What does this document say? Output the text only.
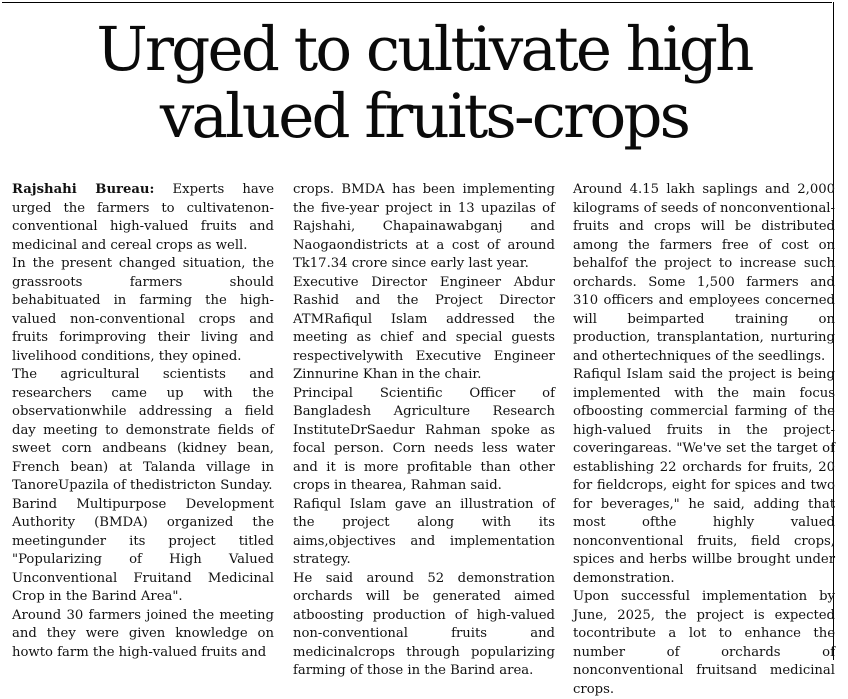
Urged to cultivate high
valued fruits-crops

Rajshahi Bureau: Experts have urged the farmers to cultivatenon-conventional high-valued fruits and medicinal and cereal crops as well.

In the present changed situation, the grassroots farmers should behabituated in farming the high-valued non-conventional crops and fruits forimproving their living and livelihood conditions, they opined.

The agricultural scientists and researchers came up with the observationwhile addressing a field day meeting to demonstrate fields of sweet corn andbeans (kidney bean, French bean) at Talanda village in TanoreUpazila of thedistricton Sunday.

Barind Multipurpose Development Authority (BMDA) organized the meetingunder its project titled "Popularizing of High Valued Unconventional Fruitand Medicinal Crop in the Barind Area".

Around 30 farmers joined the meeting and they were given knowledge on howto farm the high-valued fruits and

crops. BMDA has been implementing the five-year project in 13 upazilas of Rajshahi, Chapainawabganj and Naogaondistricts at a cost of around Tk17.34 crore since early last year.

Executive Director Engineer Abdur Rashid and the Project Director ATMRafiqul Islam addressed the meeting as chief and special guests respectivelywith Executive Engineer Zinnurine Khan in the chair.

Principal Scientific Officer of Bangladesh Agriculture Research InstituteDrSaedur Rahman spoke as focal person. Corn needs less water and it is more profitable than other crops in thearea, Rahman said.

Rafiqul Islam gave an illustration of the project along with its aims,objectives and implementation strategy.

He said around 52 demonstration orchards will be generated aimed atboosting production of high-valued non-conventional fruits and medicinalcrops through popularizing farming of those in the Barind area.

Around 4.15 lakh saplings and 2,000 kilograms of seeds of nonconventional-fruits and crops will be distributed among the farmers free of cost on behalfof the project to increase such orchards. Some 1,500 farmers and 310 officers and employees concerned will beimparted training on production, transplantation, nurturing and othertechniques of the seedlings.

Rafiqul Islam said the project is being implemented with the main focus ofboosting commercial farming of the high-valued fruits in the project-coveringareas. "We've set the target of establishing 22 orchards for fruits, 20 for fieldcrops, eight for spices and two for beverages," he said, adding that most ofthe highly valued nonconventional fruits, field crops, spices and herbs willbe brought under demonstration.

Upon successful implementation by June, 2025, the project is expected tocontribute a lot to enhance the number of orchards of nonconventional fruitsand medicinal crops.
